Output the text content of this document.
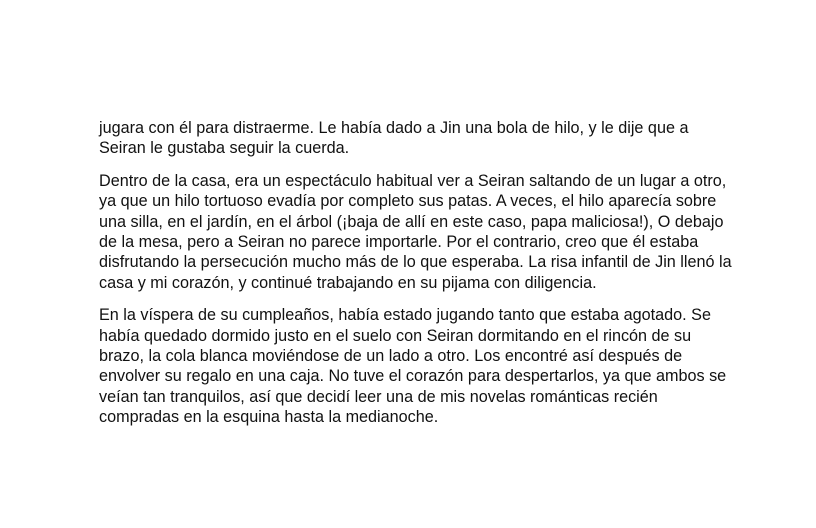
jugara con él para distraerme. Le había dado a Jin una bola de hilo, y le dije que a
Seiran le gustaba seguir la cuerda.

Dentro de la casa, era un espectáculo habitual ver a Seiran saltando de un lugar a otro,
ya que un hilo tortuoso evadía por completo sus patas. A veces, el hilo aparecía sobre
una silla, en el jardín, en el árbol (¡baja de allí en este caso, papa maliciosa!), O debajo
de la mesa, pero a Seiran no parece importarle. Por el contrario, creo que él estaba
disfrutando la persecución mucho más de lo que esperaba. La risa infantil de Jin llenó la
casa y mi corazón, y continué trabajando en su pijama con diligencia.

En la víspera de su cumpleaños, había estado jugando tanto que estaba agotado. Se
había quedado dormido justo en el suelo con Seiran dormitando en el rincón de su
brazo, la cola blanca moviéndose de un lado a otro. Los encontré así después de
envolver su regalo en una caja. No tuve el corazón para despertarlos, ya que ambos se
veían tan tranquilos, así que decidí leer una de mis novelas románticas recién
compradas en la esquina hasta la medianoche.
